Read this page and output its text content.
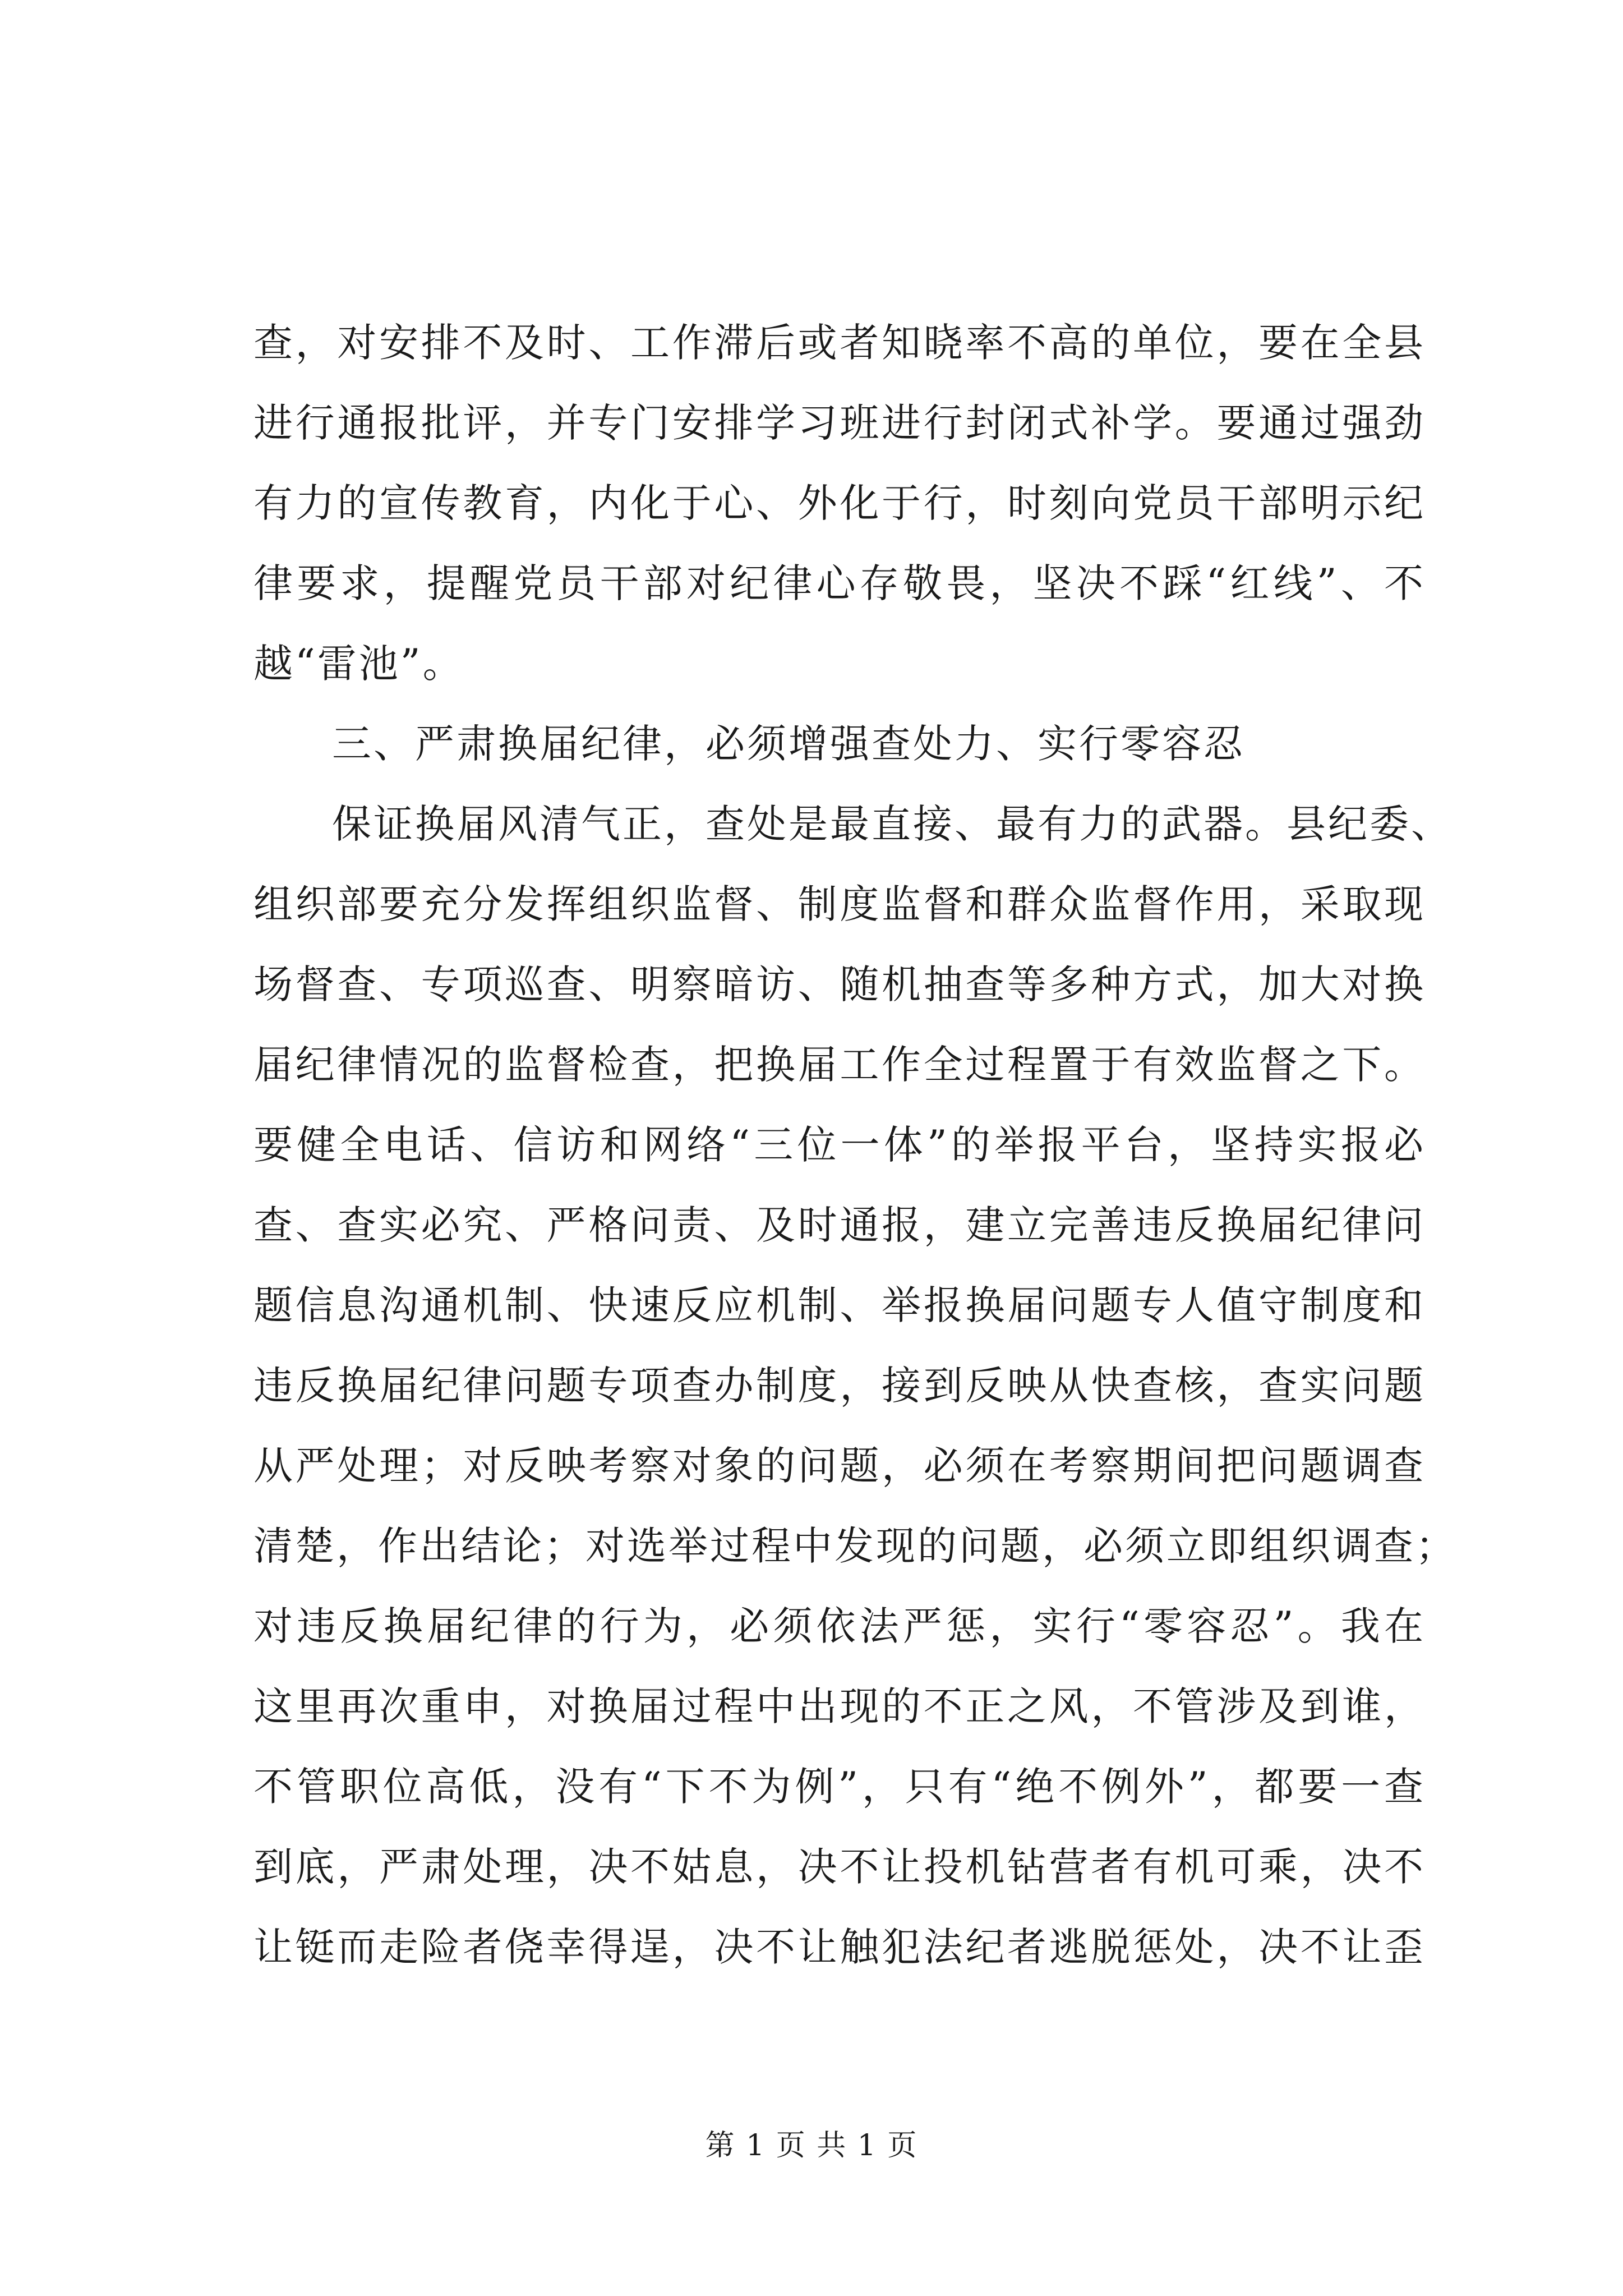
查，对安排不及时、工作滞后或者知晓率不高的单位，要在全县
进行通报批评，并专门安排学习班进行封闭式补学。要通过强劲
有力的宣传教育，内化于心、外化于行，时刻向党员干部明示纪
律要求，提醒党员干部对纪律心存敬畏，坚决不踩“红线”、不
越“雷池”。
三、严肃换届纪律，必须增强查处力、实行零容忍
保证换届风清气正，查处是最直接、最有力的武器。县纪委、
组织部要充分发挥组织监督、制度监督和群众监督作用，采取现
场督查、专项巡查、明察暗访、随机抽查等多种方式，加大对换
届纪律情况的监督检查，把换届工作全过程置于有效监督之下。
要健全电话、信访和网络“三位一体”的举报平台，坚持实报必
查、查实必究、严格问责、及时通报，建立完善违反换届纪律问
题信息沟通机制、快速反应机制、举报换届问题专人值守制度和
违反换届纪律问题专项查办制度，接到反映从快查核，查实问题
从严处理；对反映考察对象的问题，必须在考察期间把问题调查
清楚，作出结论；对选举过程中发现的问题，必须立即组织调查；
对违反换届纪律的行为，必须依法严惩，实行“零容忍”。我在
这里再次重申，对换届过程中出现的不正之风，不管涉及到谁，
不管职位高低，没有“下不为例”，只有“绝不例外”，都要一查
到底，严肃处理，决不姑息，决不让投机钻营者有机可乘，决不
让铤而走险者侥幸得逞，决不让触犯法纪者逃脱惩处，决不让歪
第 1 页 共 1 页
